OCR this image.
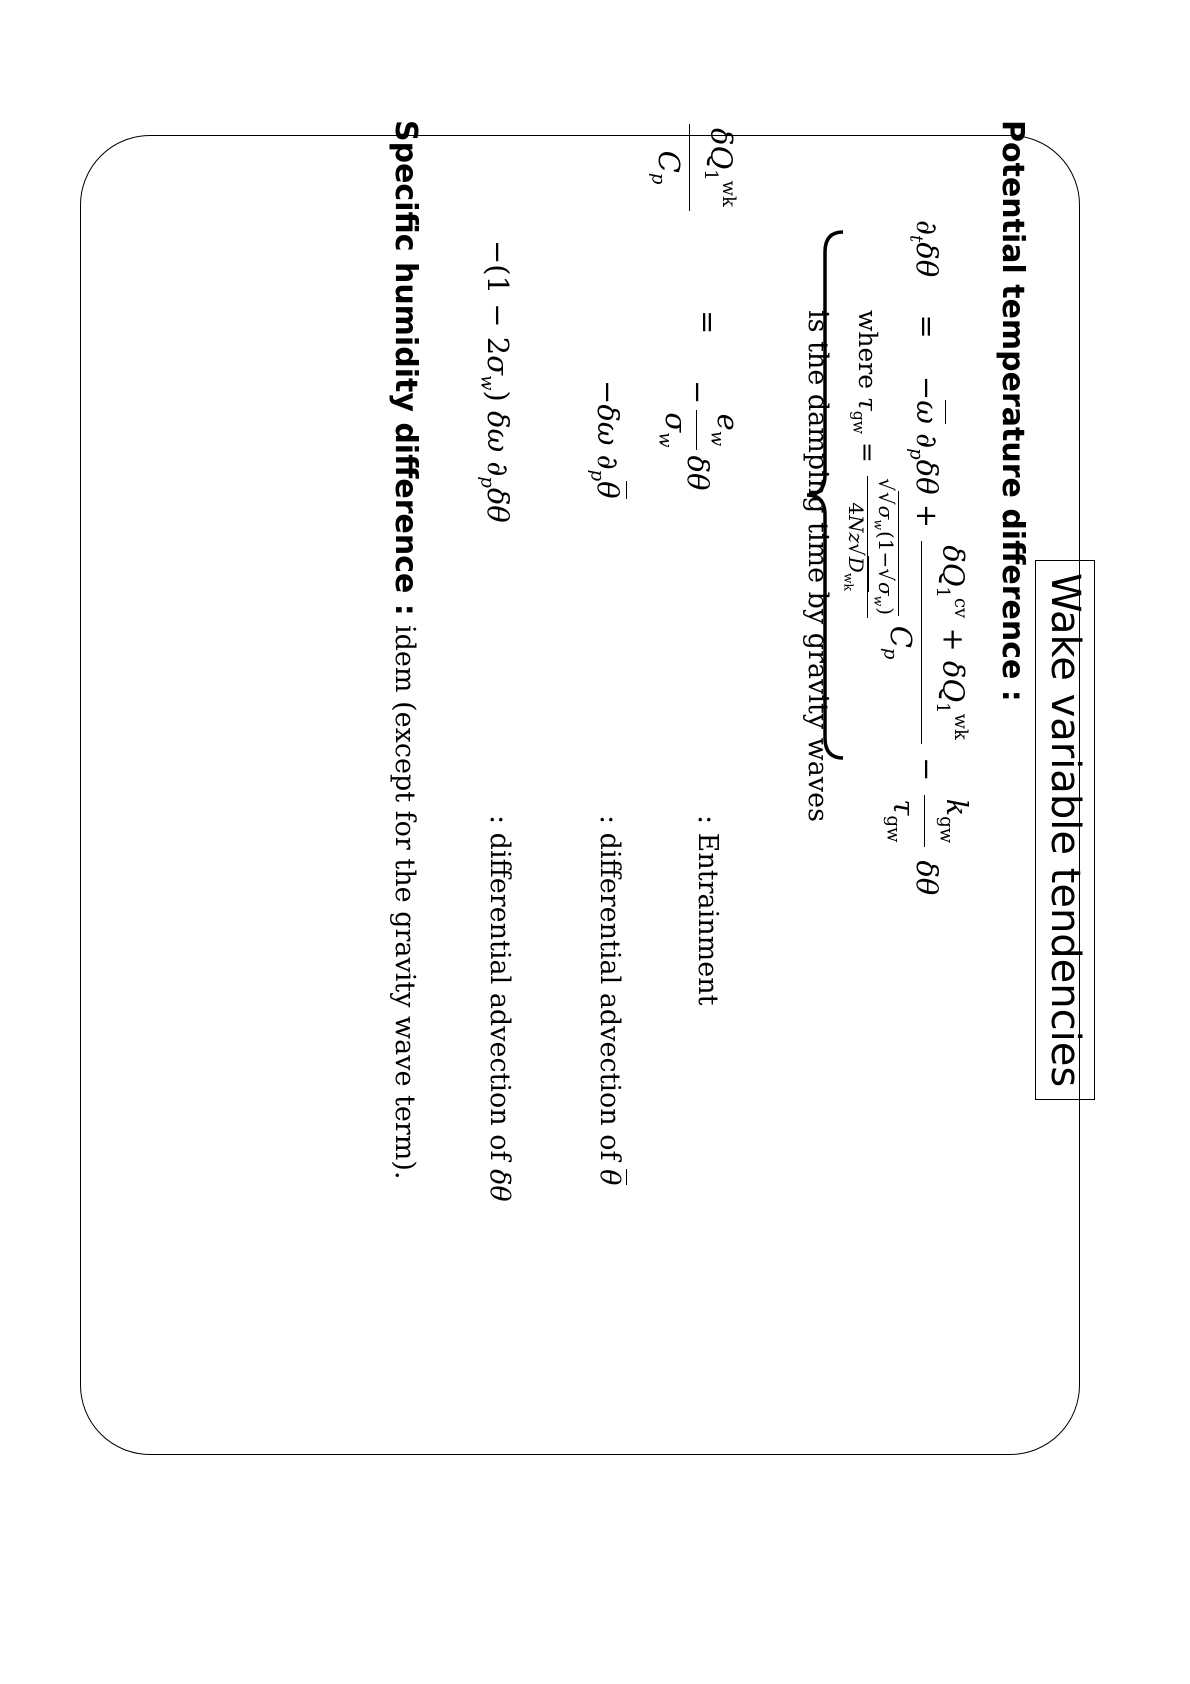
Wake variable tendencies
Potential temperature difference :
$\partial_t\delta\theta = -\omega$ $\partial_p\delta\theta$ +
$\delta Q_1^{cv} + \delta Q_1^{wk}$
$C_p$
−
$k_{gw}$
$\tau_{gw}$
δθ
where $\tau_{gw}$ =
$√√\sigma_w(1-√\sigma_w)$
$4Nz√D_{wk}$
is the damping time by gravity waves
$\delta Q_1^{wk}$
$C_p$
=
−
$e_w$
$\sigma_w$
δθ
: Entrainment
−δω $\partial_p\theta$
: differential advection of θ
$-(1 - 2\sigma_w)$ δω $\partial_p\delta\theta$
: differential advection of δθ
Specific humidity difference : idem (except for the gravity wave term).
